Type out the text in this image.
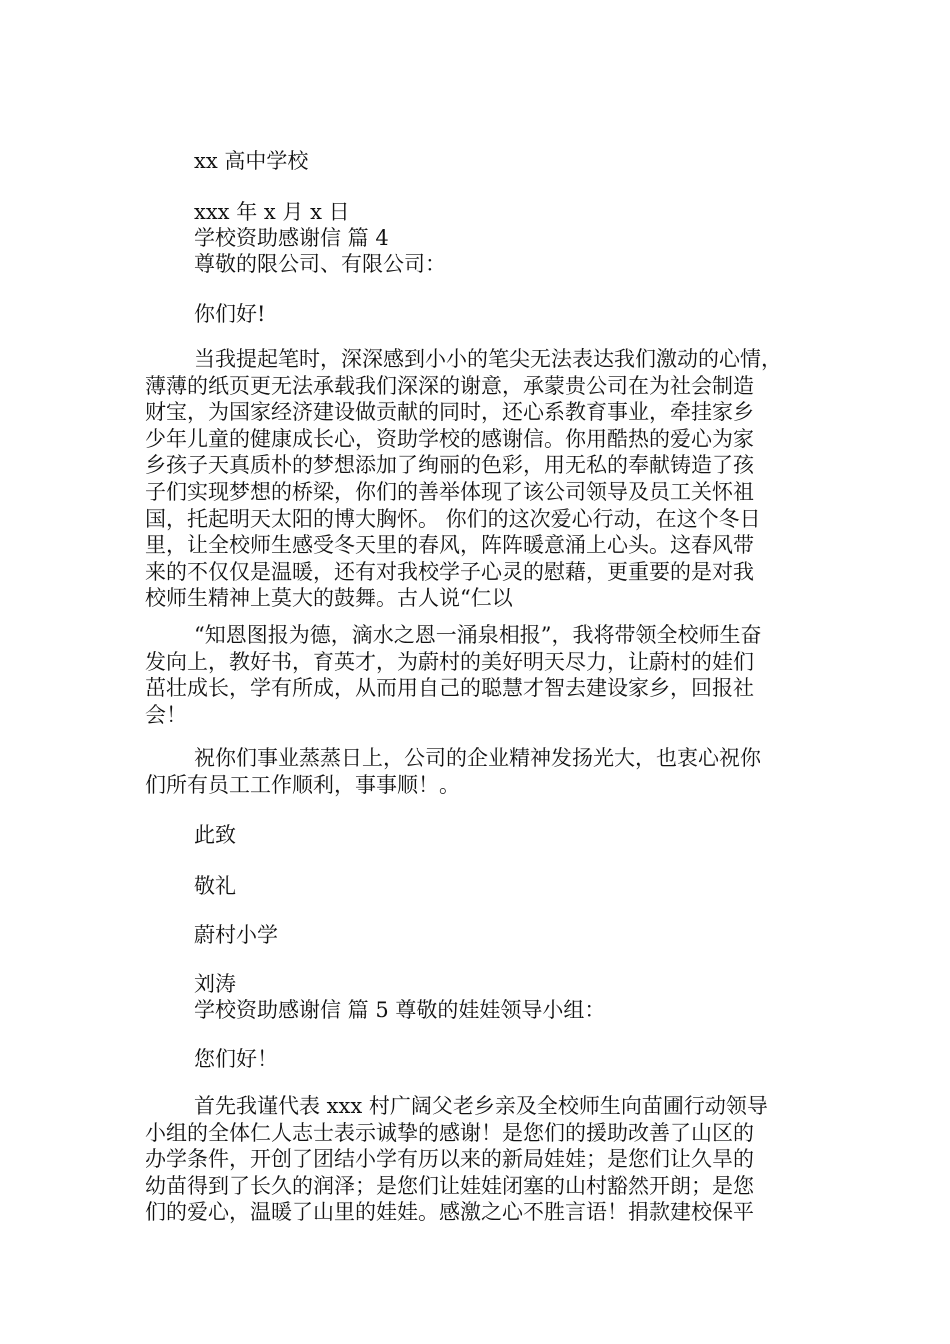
xx 高中学校
xxx 年 x 月 x 日
学校资助感谢信 篇 4
尊敬的限公司、有限公司：
你们好!
当我提起笔时，深深感到小小的笔尖无法表达我们激动的心情，
薄薄的纸页更无法承载我们深深的谢意，承蒙贵公司在为社会制造
财宝，为国家经济建设做贡献的同时，还心系教育事业，牵挂家乡
少年儿童的健康成长心，资助学校的感谢信。你用酷热的爱心为家
乡孩子天真质朴的梦想添加了绚丽的色彩，用无私的奉献铸造了孩
子们实现梦想的桥梁，你们的善举体现了该公司领导及员工关怀祖
国，托起明天太阳的博大胸怀。 你们的这次爱心行动，在这个冬日
里，让全校师生感受冬天里的春风，阵阵暖意涌上心头。这春风带
来的不仅仅是温暖，还有对我校学子心灵的慰藉，更重要的是对我
校师生精神上莫大的鼓舞。古人说“仁以
“知恩图报为德，滴水之恩一涌泉相报”，我将带领全校师生奋
发向上，教好书，育英才，为蔚村的美好明天尽力，让蔚村的娃们
茁壮成长，学有所成，从而用自己的聪慧才智去建设家乡，回报社
会！
祝你们事业蒸蒸日上，公司的企业精神发扬光大，也衷心祝你
们所有员工工作顺利，事事顺！。
此致
敬礼
蔚村小学
刘涛
学校资助感谢信 篇 5 尊敬的娃娃领导小组：
您们好！
首先我谨代表 xxx 村广阔父老乡亲及全校师生向苗圃行动领导
小组的全体仁人志士表示诚挚的感谢！是您们的援助改善了山区的
办学条件，开创了团结小学有历以来的新局娃娃；是您们让久旱的
幼苗得到了长久的润泽；是您们让娃娃闭塞的山村豁然开朗；是您
们的爱心，温暖了山里的娃娃。感激之心不胜言语！捐款建校保平
